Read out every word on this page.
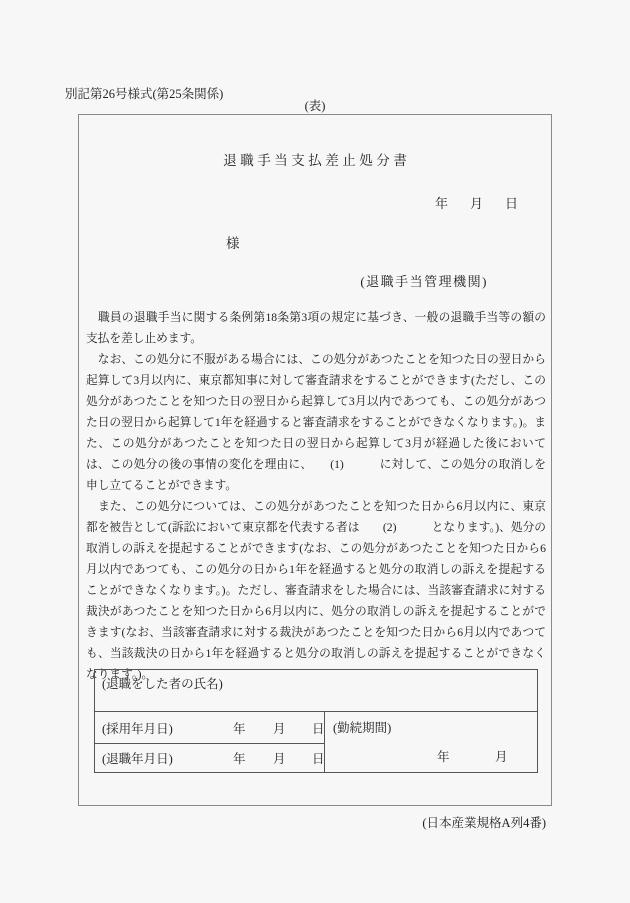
別記第26号様式(第25条関係)
(表)
退職手当支払差止処分書
年 月 日
様
(退職手当管理機関)

　職員の退職手当に関する条例第18条第3項の規定に基づき、一般の退職手当等の額の支払を差し止めます。

　なお、この処分に不服がある場合には、この処分があつたことを知つた日の翌日から起算して3月以内に、東京都知事に対して審査請求をすることができます(ただし、この処分があつたことを知つた日の翌日から起算して3月以内であつても、この処分があつた日の翌日から起算して1年を経過すると審査請求をすることができなくなります。)。また、この処分があつたことを知つた日の翌日から起算して3月が経過した後においては、この処分の後の事情の変化を理由に、　　(1)　　　に対して、この処分の取消しを申し立てることができます。

　また、この処分については、この処分があつたことを知つた日から6月以内に、東京都を被告として(訴訟において東京都を代表する者は　　(2)　　　となります。)、処分の取消しの訴えを提起することができます(なお、この処分があつたことを知つた日から6月以内であつても、この処分の日から1年を経過すると処分の取消しの訴えを提起することができなくなります。)。ただし、審査請求をした場合には、当該審査請求に対する裁決があつたことを知つた日から6月以内に、処分の取消しの訴えを提起することができます(なお、当該審査請求に対する裁決があつたことを知つた日から6月以内であつても、当該裁決の日から1年を経過すると処分の取消しの訴えを提起することができなくなります。)。

(退職をした者の氏名)
(採用年月日)	年 月 日
(退職年月日)	年 月 日
(勤続期間)
年	月
(日本産業規格A列4番)
